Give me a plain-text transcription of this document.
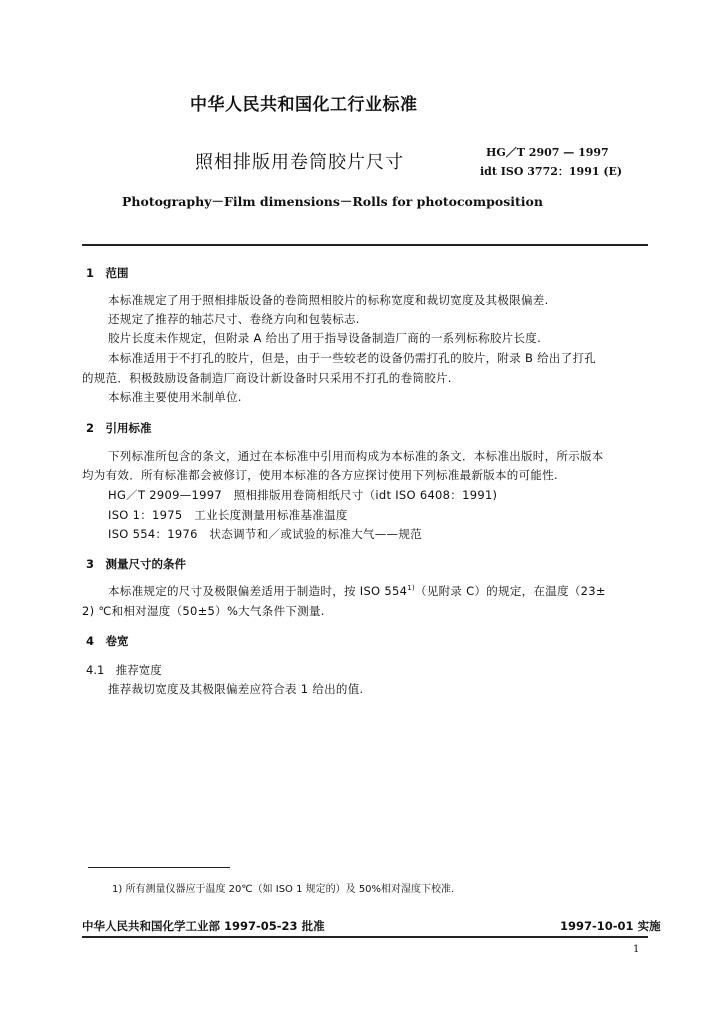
中华人民共和国化工行业标准
照相排版用卷筒胶片尺寸	HG／T 2907 — 1997
idt ISO 3772：1991 (E)
Photography－Film dimensions－Rolls for photocomposition
1　范围
本标准规定了用于照相排版设备的卷筒照相胶片的标称宽度和裁切宽度及其极限偏差.
还规定了推荐的轴芯尺寸、卷绕方向和包装标志.
胶片长度未作规定，但附录 A 给出了用于指导设备制造厂商的一系列标称胶片长度.
本标准适用于不打孔的胶片，但是，由于一些较老的设备仍需打孔的胶片，附录 B 给出了打孔
的规范．积极鼓励设备制造厂商设计新设备时只采用不打孔的卷筒胶片.
本标准主要使用米制单位.
2　引用标准
下列标准所包含的条文，通过在本标准中引用而构成为本标准的条文．本标准出版时，所示版本
均为有效．所有标准都会被修订，使用本标准的各方应探讨使用下列标准最新版本的可能性.
HG／T 2909—1997　照相排版用卷筒相纸尺寸（idt ISO 6408：1991)
ISO 1：1975　工业长度测量用标准基准温度
ISO 554：1976　状态调节和／或试验的标准大气——规范
3　测量尺寸的条件
本标准规定的尺寸及极限偏差适用于制造时，按 ISO 554$^{1)}$（见附录 C）的规定，在温度（23±
2) ℃和相对湿度（50±5）%大气条件下测量.
4　卷宽
4.1　推荐宽度
推荐裁切宽度及其极限偏差应符合表 1 给出的值.
1) 所有测量仪器应于温度 20℃（如 ISO 1 规定的）及 50%相对湿度下校准.
中华人民共和国化学工业部 1997-05-23 批准	1997-10-01 实施
1
